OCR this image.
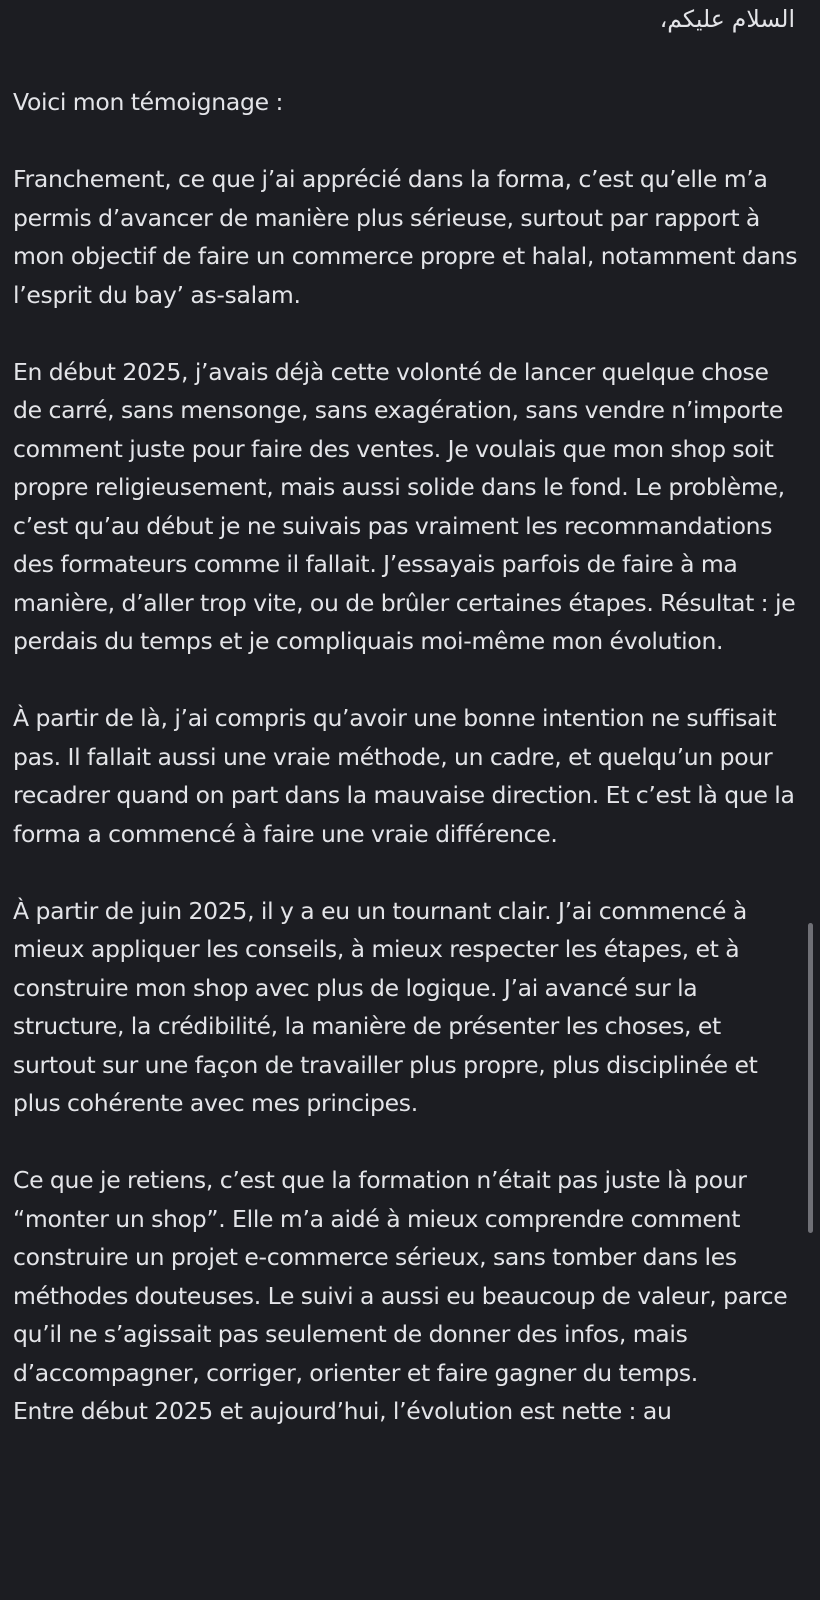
السلام عليكم،

Voici mon témoignage :

Franchement, ce que j’ai apprécié dans la forma, c’est qu’elle m’a permis d’avancer de manière plus sérieuse, surtout par rapport à mon objectif de faire un commerce propre et halal, notamment dans l’esprit du bay’ as-salam.

En début 2025, j’avais déjà cette volonté de lancer quelque chose de carré, sans mensonge, sans exagération, sans vendre n’importe comment juste pour faire des ventes. Je voulais que mon shop soit propre religieusement, mais aussi solide dans le fond. Le problème, c’est qu’au début je ne suivais pas vraiment les recommandations des formateurs comme il fallait. J’essayais parfois de faire à ma manière, d’aller trop vite, ou de brûler certaines étapes. Résultat : je perdais du temps et je compliquais moi-même mon évolution.

À partir de là, j’ai compris qu’avoir une bonne intention ne suffisait pas. Il fallait aussi une vraie méthode, un cadre, et quelqu’un pour recadrer quand on part dans la mauvaise direction. Et c’est là que la forma a commencé à faire une vraie différence.

À partir de juin 2025, il y a eu un tournant clair. J’ai commencé à mieux appliquer les conseils, à mieux respecter les étapes, et à construire mon shop avec plus de logique. J’ai avancé sur la structure, la crédibilité, la manière de présenter les choses, et surtout sur une façon de travailler plus propre, plus disciplinée et plus cohérente avec mes principes.

Ce que je retiens, c’est que la formation n’était pas juste là pour “monter un shop”. Elle m’a aidé à mieux comprendre comment construire un projet e-commerce sérieux, sans tomber dans les méthodes douteuses. Le suivi a aussi eu beaucoup de valeur, parce qu’il ne s’agissait pas seulement de donner des infos, mais d’accompagner, corriger, orienter et faire gagner du temps.

Entre début 2025 et aujourd’hui, l’évolution est nette : au
